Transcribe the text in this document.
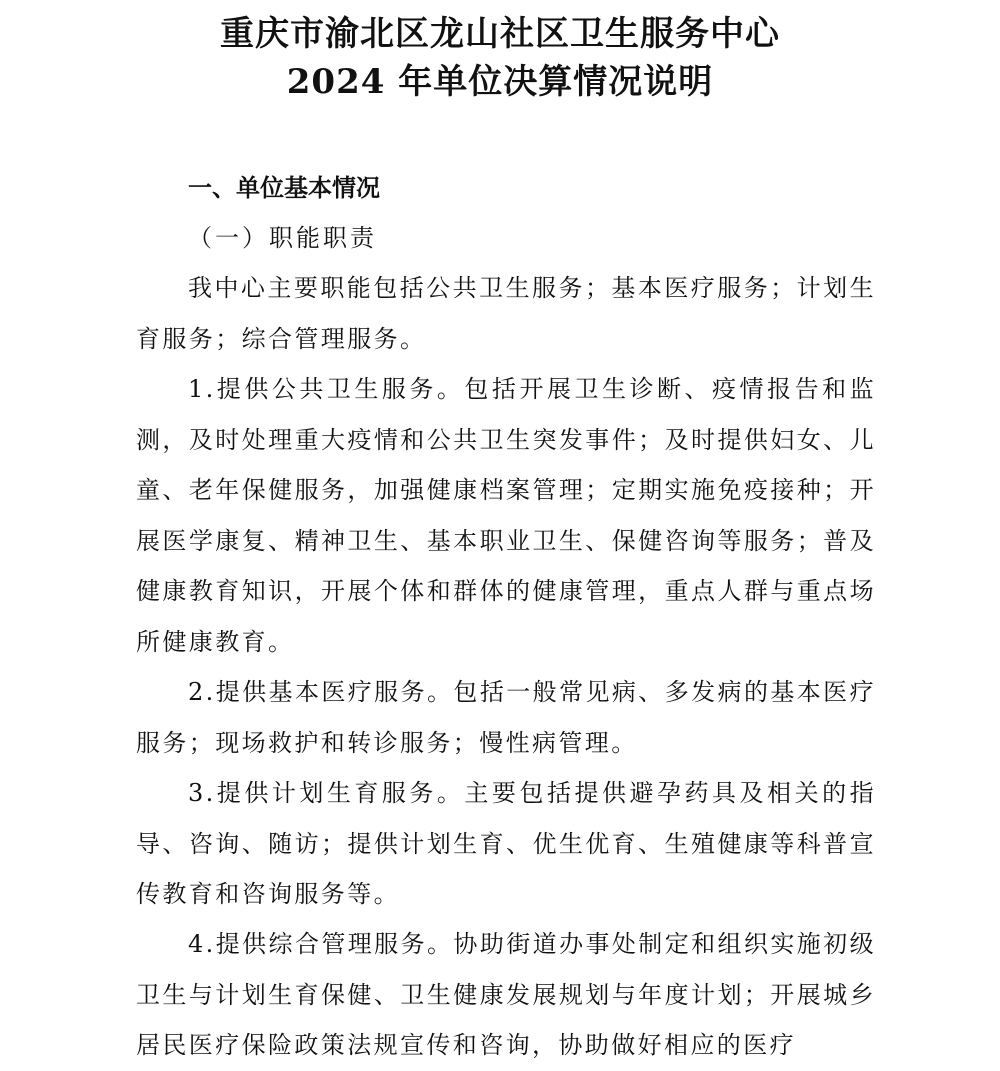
重庆市渝北区龙山社区卫生服务中心
2024 年单位决算情况说明
一、单位基本情况
（一）职能职责
我中心主要职能包括公共卫生服务；基本医疗服务；计划生育服务；综合管理服务。
1.提供公共卫生服务。包括开展卫生诊断、疫情报告和监测，及时处理重大疫情和公共卫生突发事件；及时提供妇女、儿童、老年保健服务，加强健康档案管理；定期实施免疫接种；开展医学康复、精神卫生、基本职业卫生、保健咨询等服务；普及健康教育知识，开展个体和群体的健康管理，重点人群与重点场所健康教育。
2.提供基本医疗服务。包括一般常见病、多发病的基本医疗服务；现场救护和转诊服务；慢性病管理。
3.提供计划生育服务。主要包括提供避孕药具及相关的指导、咨询、随访；提供计划生育、优生优育、生殖健康等科普宣传教育和咨询服务等。
4.提供综合管理服务。协助街道办事处制定和组织实施初级卫生与计划生育保健、卫生健康发展规划与年度计划；开展城乡居民医疗保险政策法规宣传和咨询，协助做好相应的医疗
